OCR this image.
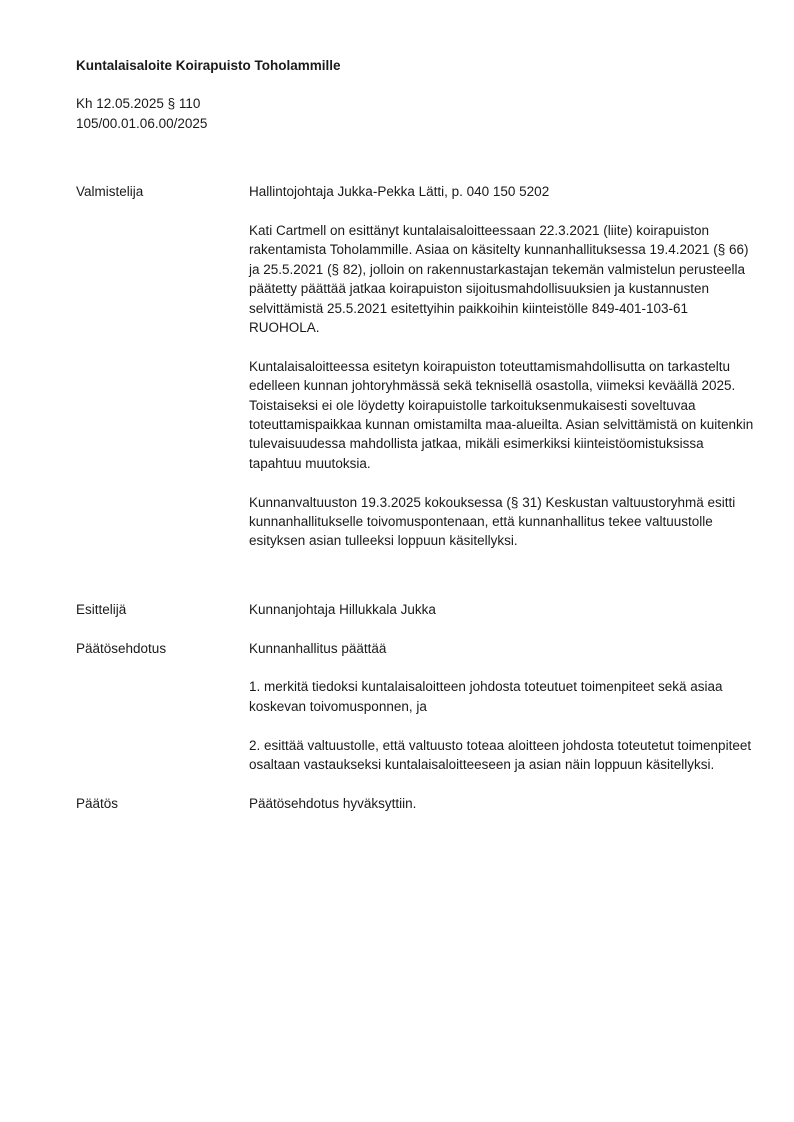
Kuntalaisaloite Koirapuisto Toholammille
Kh 12.05.2025 § 110
105/00.01.06.00/2025
Valmistelija	Hallintojohtaja Jukka-Pekka Lätti, p. 040 150 5202

Kati Cartmell on esittänyt kuntalaisaloitteessaan 22.3.2021 (liite) koirapuiston rakentamista Toholammille. Asiaa on käsitelty kunnanhallituksessa 19.4.2021 (§ 66) ja 25.5.2021 (§ 82), jolloin on rakennustarkastajan tekemän valmistelun perusteella päätetty päättää jatkaa koirapuiston sijoitusmahdollisuuksien ja kustannusten selvittämistä 25.5.2021 esitettyihin paikkoihin kiinteistölle 849-401-103-61 RUOHOLA.

Kuntalaisaloitteessa esitetyn koirapuiston toteuttamismahdollisutta on tarkasteltu edelleen kunnan johtoryhmässä sekä teknisellä osastolla, viimeksi keväällä 2025. Toistaiseksi ei ole löydetty koirapuistolle tarkoituksenmukaisesti soveltuvaa toteuttamispaikkaa kunnan omistamilta maa-alueilta. Asian selvittämistä on kuitenkin tulevaisuudessa mahdollista jatkaa, mikäli esimerkiksi kiinteistöomistuksissa tapahtuu muutoksia.

Kunnanvaltuuston 19.3.2025 kokouksessa (§ 31) Keskustan valtuustoryhmä esitti kunnanhallitukselle toivomuspontenaan, että kunnanhallitus tekee valtuustolle esityksen asian tulleeksi loppuun käsitellyksi.

Esittelijä	Kunnanjohtaja Hillukkala Jukka

Päätösehdotus	Kunnanhallitus päättää

1. merkitä tiedoksi kuntalaisaloitteen johdosta toteutuet toimenpiteet sekä asiaa koskevan toivomusponnen, ja

2. esittää valtuustolle, että valtuusto toteaa aloitteen johdosta toteutetut toimenpiteet osaltaan vastaukseksi kuntalaisaloitteeseen ja asian näin loppuun käsitellyksi.

Päätös	Päätösehdotus hyväksyttiin.
